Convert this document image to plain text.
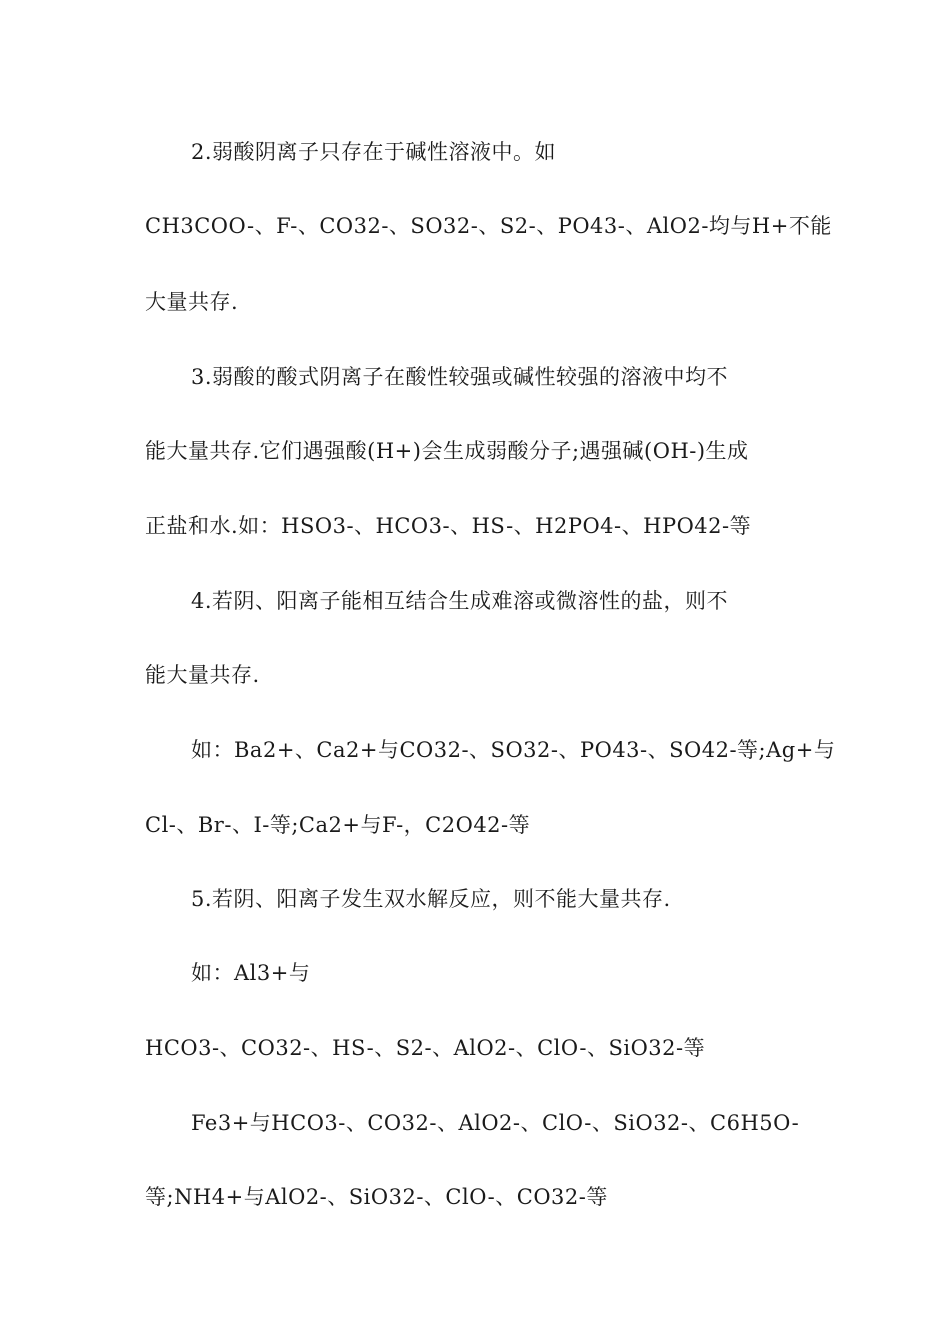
2.弱酸阴离子只存在于碱性溶液中。如
CH3COO-、F-、CO32-、SO32-、S2-、PO43-、AlO2-均与H+不能
大量共存.
3.弱酸的酸式阴离子在酸性较强或碱性较强的溶液中均不
能大量共存.它们遇强酸(H+)会生成弱酸分子;遇强碱(OH-)生成
正盐和水.如：HSO3-、HCO3-、HS-、H2PO4-、HPO42-等
4.若阴、阳离子能相互结合生成难溶或微溶性的盐，则不
能大量共存.
如：Ba2+、Ca2+与CO32-、SO32-、PO43-、SO42-等;Ag+与
Cl-、Br-、I-等;Ca2+与F-，C2O42-等
5.若阴、阳离子发生双水解反应，则不能大量共存.
如：Al3+与
HCO3-、CO32-、HS-、S2-、AlO2-、ClO-、SiO32-等
Fe3+与HCO3-、CO32-、AlO2-、ClO-、SiO32-、C6H5O-
等;NH4+与AlO2-、SiO32-、ClO-、CO32-等
